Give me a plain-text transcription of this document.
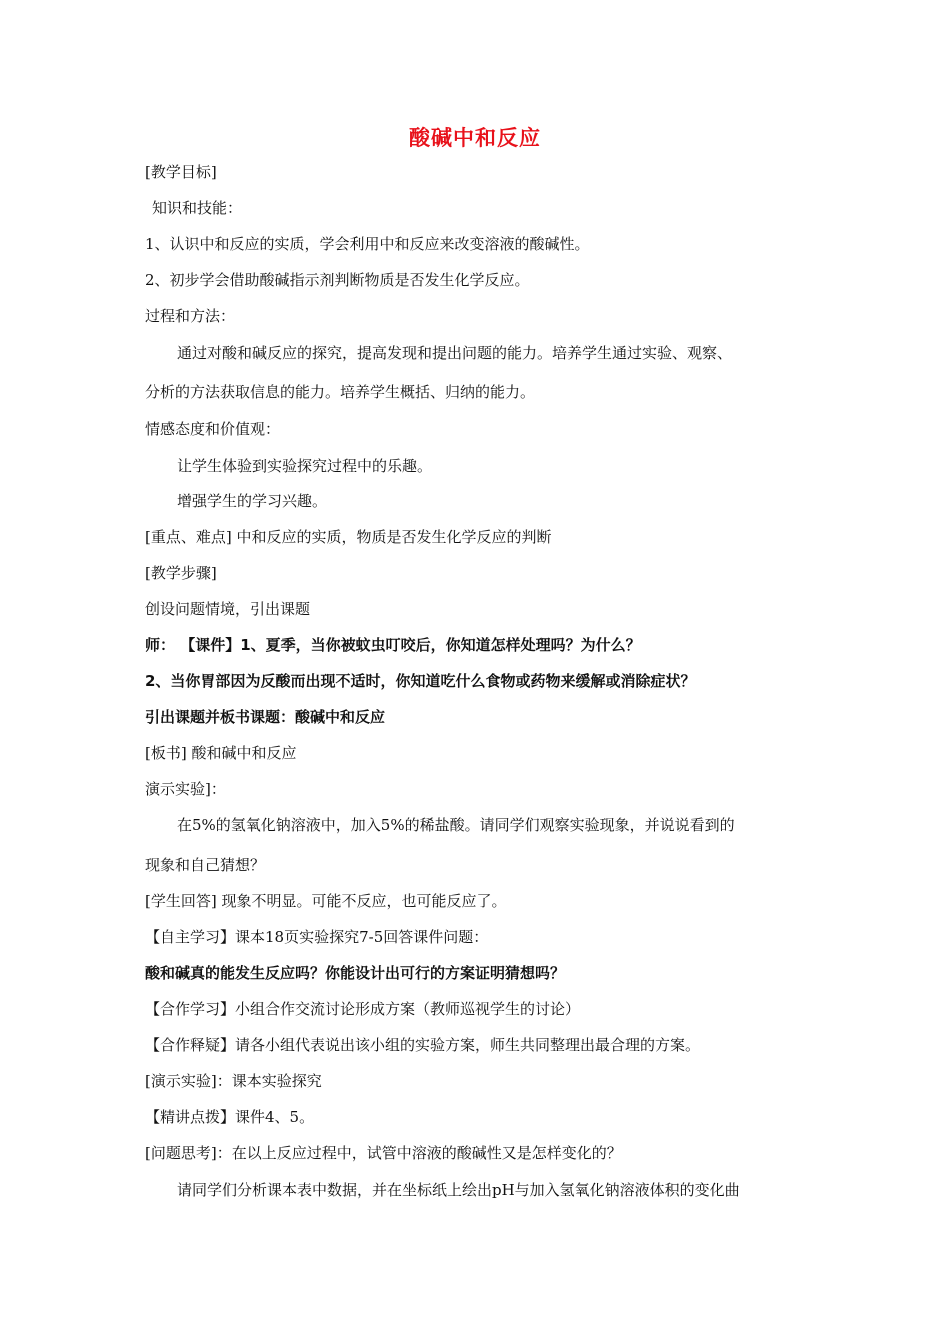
酸碱中和反应
[教学目标]
知识和技能：
1、认识中和反应的实质，学会利用中和反应来改变溶液的酸碱性。
2、初步学会借助酸碱指示剂判断物质是否发生化学反应。
过程和方法：
通过对酸和碱反应的探究，提高发现和提出问题的能力。培养学生通过实验、观察、
分析的方法获取信息的能力。培养学生概括、归纳的能力。
情感态度和价值观：
让学生体验到实验探究过程中的乐趣。
增强学生的学习兴趣。
[重点、难点] 中和反应的实质，物质是否发生化学反应的判断
[教学步骤]
创设问题情境，引出课题
师： 【课件】1、夏季，当你被蚊虫叮咬后，你知道怎样处理吗？为什么？
2、当你胃部因为反酸而出现不适时，你知道吃什么食物或药物来缓解或消除症状？
引出课题并板书课题：酸碱中和反应
[板书] 酸和碱中和反应
演示实验]：
在5%的氢氧化钠溶液中，加入5%的稀盐酸。请同学们观察实验现象，并说说看到的
现象和自己猜想？
[学生回答] 现象不明显。可能不反应，也可能反应了。
【自主学习】课本18页实验探究7-5回答课件问题：
酸和碱真的能发生反应吗？你能设计出可行的方案证明猜想吗？
【合作学习】小组合作交流讨论形成方案（教师巡视学生的讨论）
【合作释疑】请各小组代表说出该小组的实验方案，师生共同整理出最合理的方案。
[演示实验]：课本实验探究
【精讲点拨】课件4、5。
[问题思考]：在以上反应过程中，试管中溶液的酸碱性又是怎样变化的？
请同学们分析课本表中数据，并在坐标纸上绘出pH与加入氢氧化钠溶液体积的变化曲
